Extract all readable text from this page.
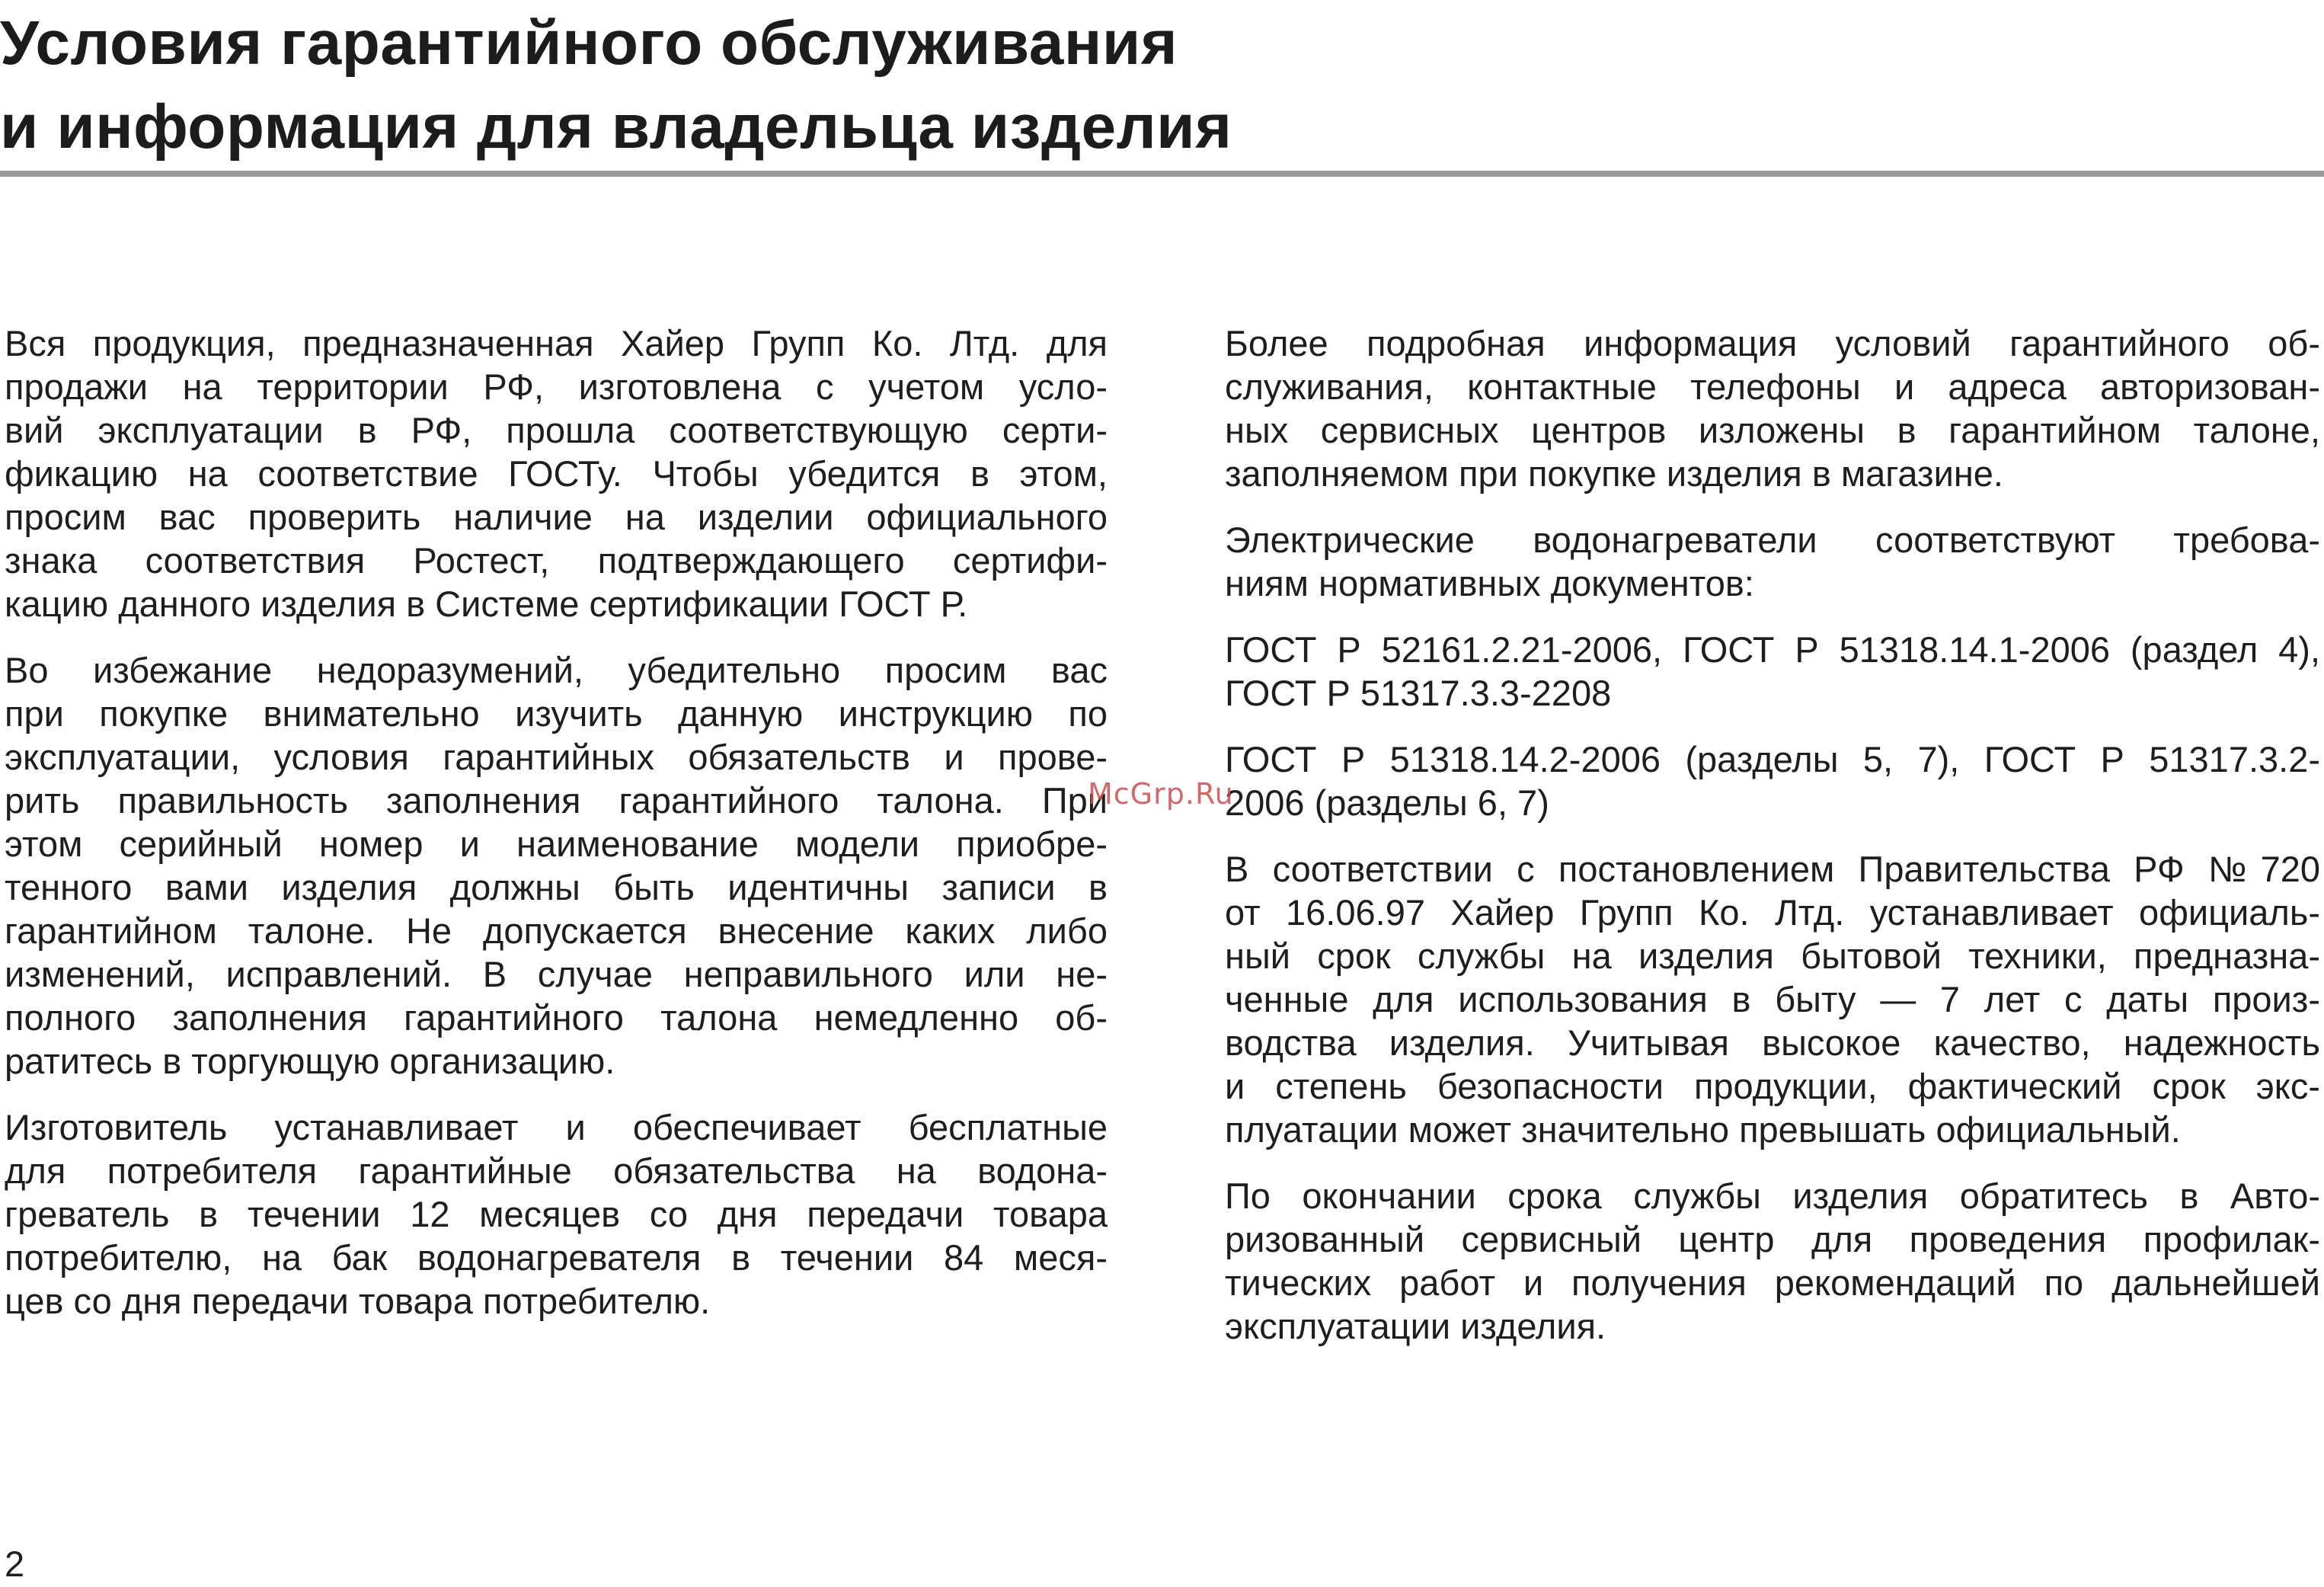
Условия гарантийного обслуживания
и информация для владельца изделия

Вся продукция, предназначенная Хайер Групп Ко. Лтд. для
продажи на территории РФ, изготовлена с учетом усло-
вий эксплуатации в РФ, прошла соответствующую серти-
фикацию на соответствие ГОСТу. Чтобы убедится в этом,
просим вас проверить наличие на изделии официального
знака соответствия Ростест, подтверждающего сертифи-
кацию данного изделия в Системе сертификации ГОСТ Р.

Во избежание недоразумений, убедительно просим вас
при покупке внимательно изучить данную инструкцию по
эксплуатации, условия гарантийных обязательств и прове-
рить правильность заполнения гарантийного талона. При
этом серийный номер и наименование модели приобре-
тенного вами изделия должны быть идентичны записи в
гарантийном талоне. Не допускается внесение каких либо
изменений, исправлений. В случае неправильного или не-
полного заполнения гарантийного талона немедленно об-
ратитесь в торгующую организацию.

Изготовитель устанавливает и обеспечивает бесплатные
для потребителя гарантийные обязательства на водона-
греватель в течении 12 месяцев со дня передачи товара
потребителю, на бак водонагревателя в течении 84 меся-
цев со дня передачи товара потребителю.

Более подробная информация условий гарантийного об-
служивания, контактные телефоны и адреса авторизован-
ных сервисных центров изложены в гарантийном талоне,
заполняемом при покупке изделия в магазине.

Электрические водонагреватели соответствуют требова-
ниям нормативных документов:

ГОСТ Р 52161.2.21-2006, ГОСТ Р 51318.14.1-2006 (раздел 4),
ГОСТ Р 51317.3.3-2208

ГОСТ Р 51318.14.2-2006 (разделы 5, 7), ГОСТ Р 51317.3.2-
2006 (разделы 6, 7)

В соответствии с постановлением Правительства РФ №720
от 16.06.97 Хайер Групп Ко. Лтд. устанавливает официаль-
ный срок службы на изделия бытовой техники, предназна-
ченные для использования в быту — 7 лет с даты произ-
водства изделия. Учитывая высокое качество, надежность
и степень безопасности продукции, фактический срок экс-
плуатации может значительно превышать официальный.

По окончании срока службы изделия обратитесь в Авто-
ризованный сервисный центр для проведения профилак-
тических работ и получения рекомендаций по дальнейшей
эксплуатации изделия.

McGrp.Ru
2
